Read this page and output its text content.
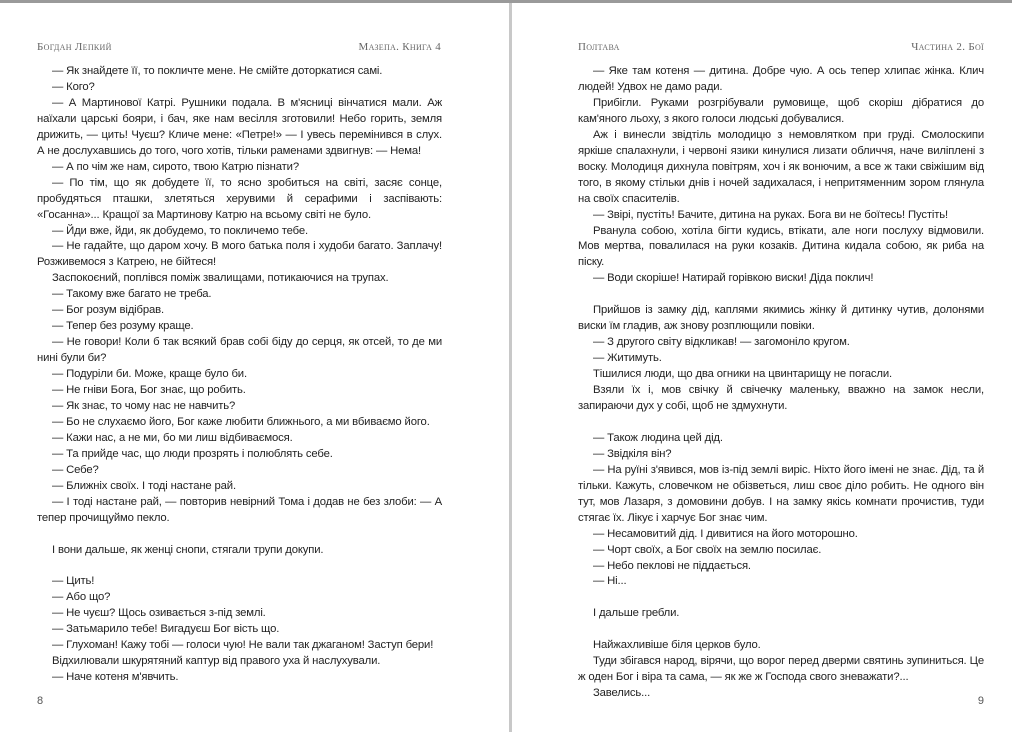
Богдан Лепкий	Мазепа. Книга 4

— Як знайдете її, то покличте мене. Не смійте доторкатися самі.

— Кого?

— А Мартинової Катрі. Рушники подала. В м'ясниці вінчатися мали. Аж наїхали царські бояри, і бач, яке нам весілля зготовили! Небо горить, земля дрижить, — цить! Чуєш? Кличе мене: «Петре!» — І увесь перемінився в слух. А не дослухавшись до того, чого хотів, тільки раменами здвигнув: — Нема!

— А по чім же нам, сирото, твою Катрю пізнати?

— По тім, що як добудете її, то ясно зробиться на світі, засяє сонце, пробудяться пташки, злетяться херувими й серафими і заспівають: «Госанна»... Кращої за Мартинову Катрю на всьому світі не було.

— Йди вже, йди, як добудемо, то покличемо тебе.

— Не гадайте, що даром хочу. В мого батька поля і худоби багато. Заплачу! Розживемося з Катрею, не бійтеся!

Заспокоєний, поплівся поміж звалищами, потикаючися на трупах.

— Такому вже багато не треба.

— Бог розум відібрав.

— Тепер без розуму краще.

— Не говори! Коли б так всякий брав собі біду до серця, як отсей, то де ми нині були би?

— Подуріли би. Може, краще було би.

— Не гніви Бога, Бог знає, що робить.

— Як знає, то чому нас не навчить?

— Бо не слухаємо його, Бог каже любити ближнього, а ми вбиваємо його.

— Кажи нас, а не ми, бо ми лиш відбиваємося.

— Та прийде час, що люди прозрять і полюблять себе.

— Себе?

— Ближніх своїх. І тоді настане рай.

— І тоді настане рай, — повторив невірний Тома і додав не без злоби: — А тепер прочищуймо пекло.

І вони дальше, як женці снопи, стягали трупи докупи.

— Цить!

— Або що?

— Не чуєш? Щось озивається з-під землі.

— Затьмарило тебе! Вигадуєш Бог вість що.

— Глухоман! Кажу тобі — голоси чую! Не вали так джаганом! Заступ бери!

Відхилювали шкурятяний каптур від правого уха й наслухували.

— Наче котеня м'явчить.

8
Полтава	Частина 2. Бої

— Яке там котеня — дитина. Добре чую. А ось тепер хлипає жінка. Клич людей! Удвох не дамо ради.

Прибігли. Руками розгрібували румовище, щоб скоріш дібратися до кам'яного льоху, з якого голоси людські добувалися.

Аж і винесли звідтіль молодицю з немовлятком при груді. Смолоскипи яркіше спалахнули, і червоні язики кинулися лизати обличчя, наче виліплені з воску. Молодиця дихнула повітрям, хоч і як вонючим, а все ж таки свіжішим від того, в якому стільки днів і ночей задихалася, і непритяменним зором глянула на своїх спасителів.

— Звірі, пустіть! Бачите, дитина на руках. Бога ви не боїтесь! Пустіть!

Рванула собою, хотіла бігти кудись, втікати, але ноги послуху відмовили. Мов мертва, повалилася на руки козаків. Дитина кидала собою, як риба на піску.

— Води скоріше! Натирай горівкою виски! Діда поклич!

Прийшов із замку дід, каплями якимись жінку й дитинку чутив, долонями виски їм гладив, аж знову розплющили повіки.

— З другого світу відкликав! — загомоніло кругом.

— Житимуть.

Тішилися люди, що два огники на цвинтарищу не погасли.

Взяли їх і, мов свічку й свічечку маленьку, вважно на замок несли, запираючи дух у собі, щоб не здмухнути.

— Також людина цей дід.

— Звідкіля він?

— На руїні з'явився, мов із-під землі виріс. Ніхто його імені не знає. Дід, та й тільки. Кажуть, словечком не обізветься, лиш своє діло робить. Не одного він тут, мов Лазаря, з домовини добув. І на замку якісь комнати прочистив, туди стягає їх. Лікує і харчує Бог знає чим.

— Несамовитий дід. І дивитися на його моторошно.

— Чорт своїх, а Бог своїх на землю посилає.

— Небо пеклові не піддається.

— Ні...

І дальше гребли.

Найжахливіше біля церков було.

Туди збігався народ, вірячи, що ворог перед дверми святинь зупиниться. Це ж оден Бог і віра та сама, — як же ж Господа свого зневажати?...

Завелись...

9
